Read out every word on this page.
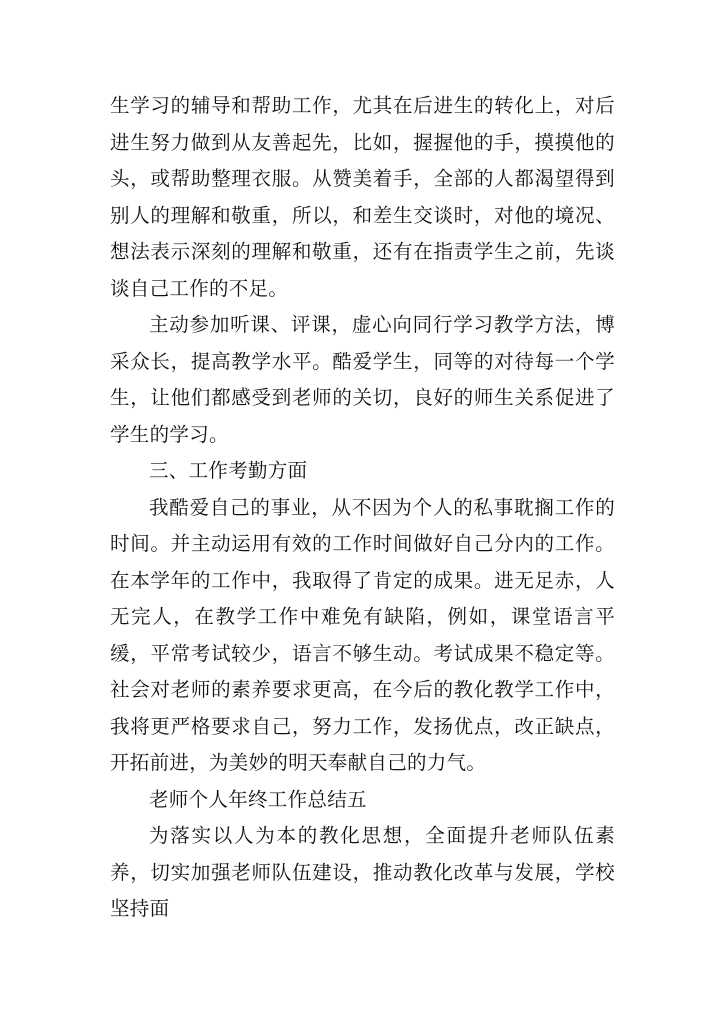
生学习的辅导和帮助工作，尤其在后进生的转化上，对后进生努力做到从友善起先，比如，握握他的手，摸摸他的头，或帮助整理衣服。从赞美着手，全部的人都渴望得到别人的理解和敬重，所以，和差生交谈时，对他的境况、想法表示深刻的理解和敬重，还有在指责学生之前，先谈谈自己工作的不足。

主动参加听课、评课，虚心向同行学习教学方法，博采众长，提高教学水平。酷爱学生，同等的对待每一个学生，让他们都感受到老师的关切，良好的师生关系促进了学生的学习。

三、工作考勤方面

我酷爱自己的事业，从不因为个人的私事耽搁工作的时间。并主动运用有效的工作时间做好自己分内的工作。在本学年的工作中，我取得了肯定的成果。进无足赤，人无完人，在教学工作中难免有缺陷，例如，课堂语言平缓，平常考试较少，语言不够生动。考试成果不稳定等。社会对老师的素养要求更高，在今后的教化教学工作中，我将更严格要求自己，努力工作，发扬优点，改正缺点，开拓前进，为美妙的明天奉献自己的力气。

老师个人年终工作总结五

为落实以人为本的教化思想，全面提升老师队伍素养，切实加强老师队伍建设，推动教化改革与发展，学校坚持面
